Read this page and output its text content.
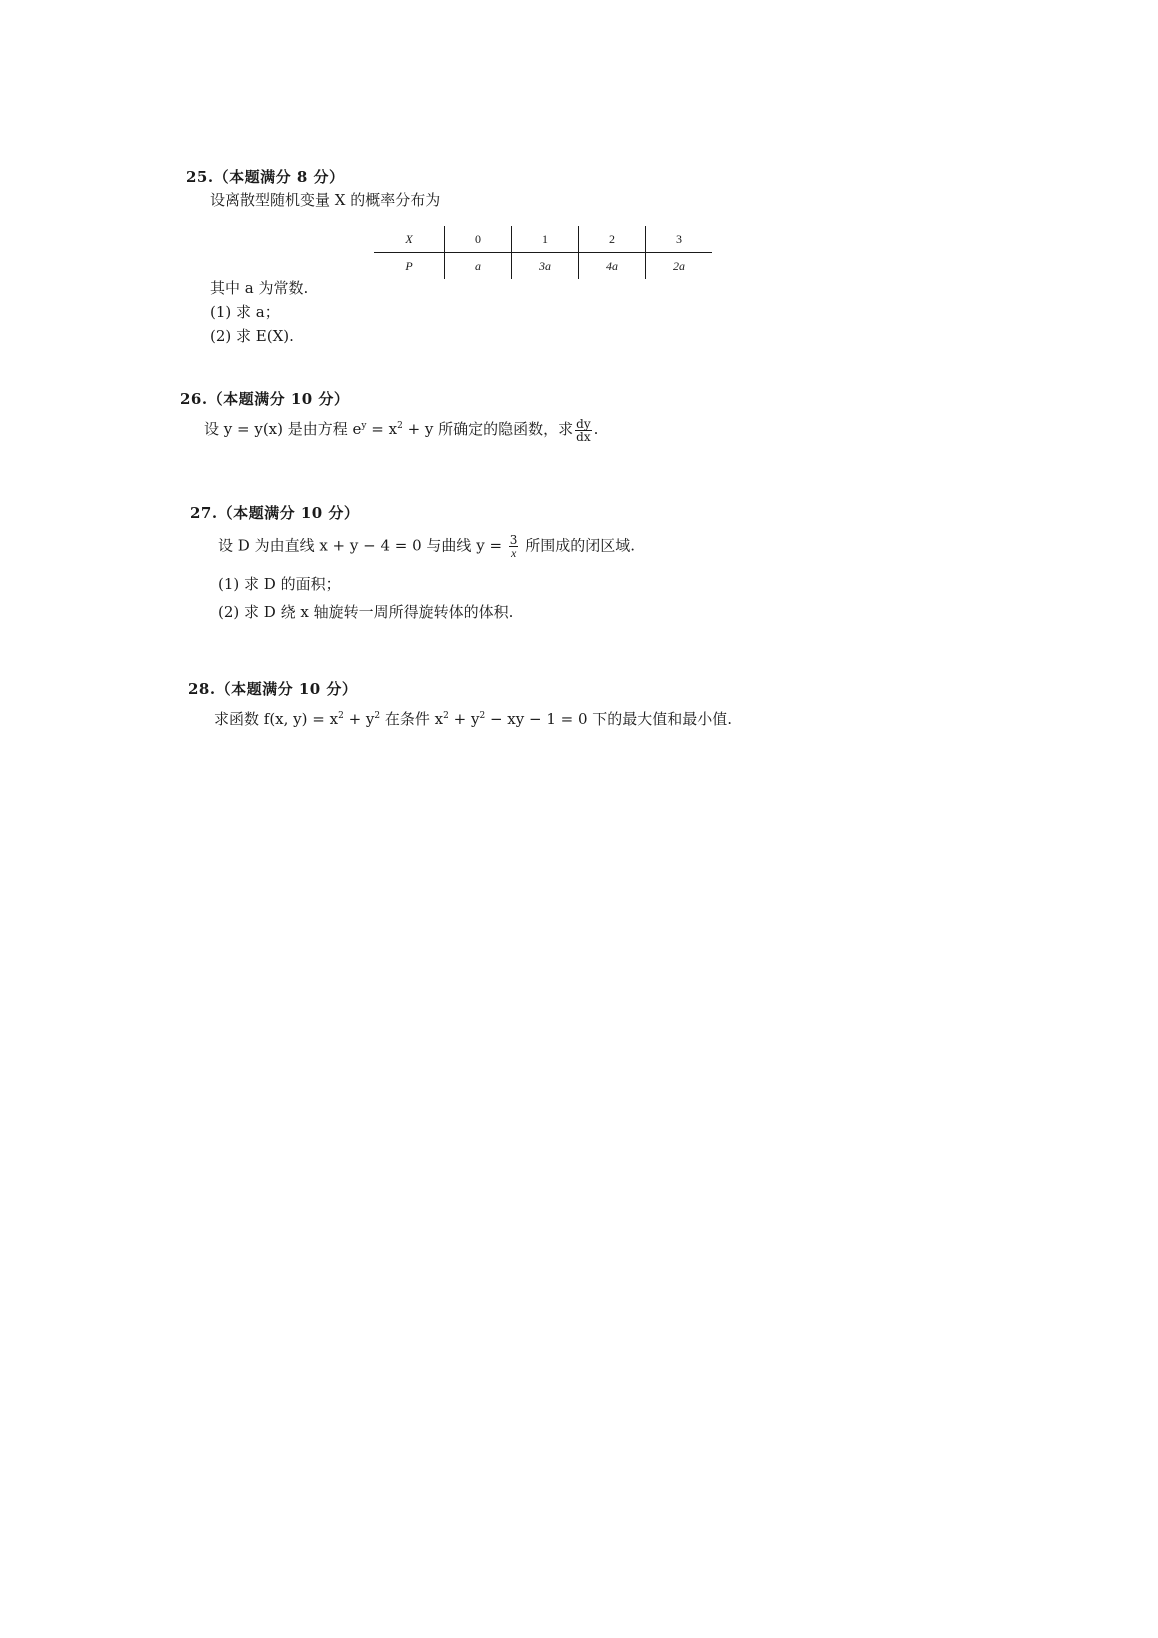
25.（本题满分 8 分）
设离散型随机变量 X 的概率分布为
X	0	1	2	3
P	a	3a	4a	2a
其中 a 为常数.
(1) 求 a；
(2) 求 E(X).
26.（本题满分 10 分）
设 y = y(x) 是由方程 $e^y = x^2 + y$ 所确定的隐函数，求 $\frac{dy}{dx}$ .
27.（本题满分 10 分）
设 D 为由直线 x + y − 4 = 0 与曲线 $y = \frac{3}{x}$ 所围成的闭区域.
(1) 求 D 的面积；
(2) 求 D 绕 x 轴旋转一周所得旋转体的体积.
28.（本题满分 10 分）
求函数 f(x, $y) = x^2 + y^2$ 在条件 $x^2 + y^2$ − xy − 1 = 0 下的最大值和最小值.
